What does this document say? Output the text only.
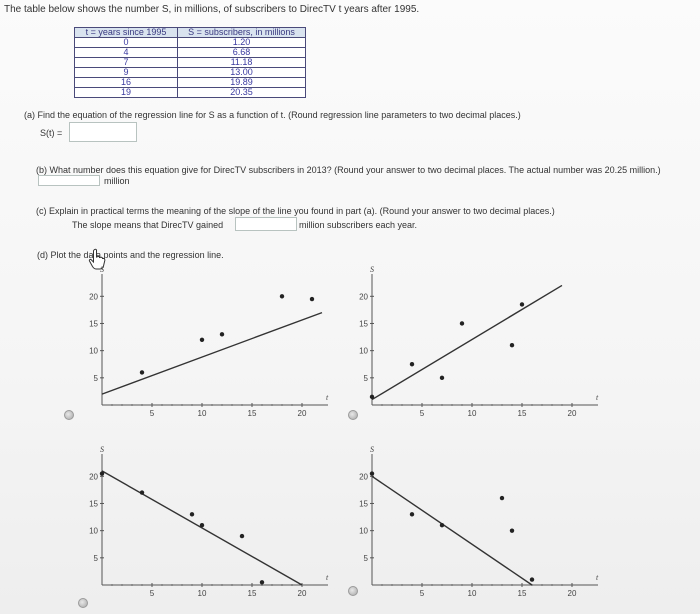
The table below shows the number S, in millions, of subscribers to DirecTV t years after 1995.
t = years since 1995	S = subscribers, in millions
0	1.20
4	6.68
7	11.18
9	13.00
16	19.89
19	20.35
(a) Find the equation of the regression line for S as a function of t. (Round regression line parameters to two decimal places.)
S(t) =
(b) What number does this equation give for DirecTV subscribers in 2013? (Round your answer to two decimal places. The actual number was 20.25 million.)
million
(c) Explain in practical terms the meaning of the slope of the line you found in part (a). (Round your answer to two decimal places.)
The slope means that DirecTV gained	million subscribers each year.
(d) Plot the data points and the regression line.
5	10	15	20
5
10
15
20
t
S
5	10	15	20
5
10
15
20
t
S
5	10	15	20
5
10
15
20
t
S
5	10	15	20
5
10
15
20
t
S
